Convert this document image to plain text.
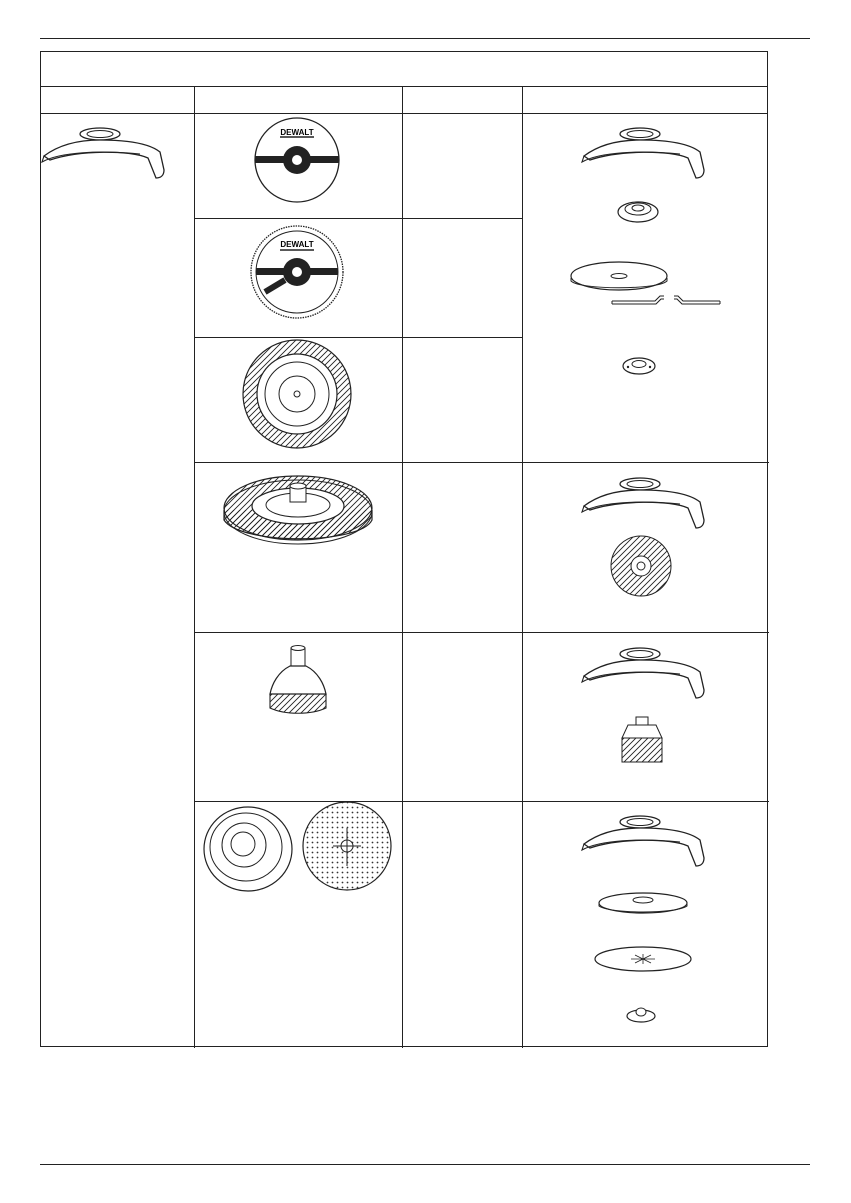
DEWALT
DEWALT
